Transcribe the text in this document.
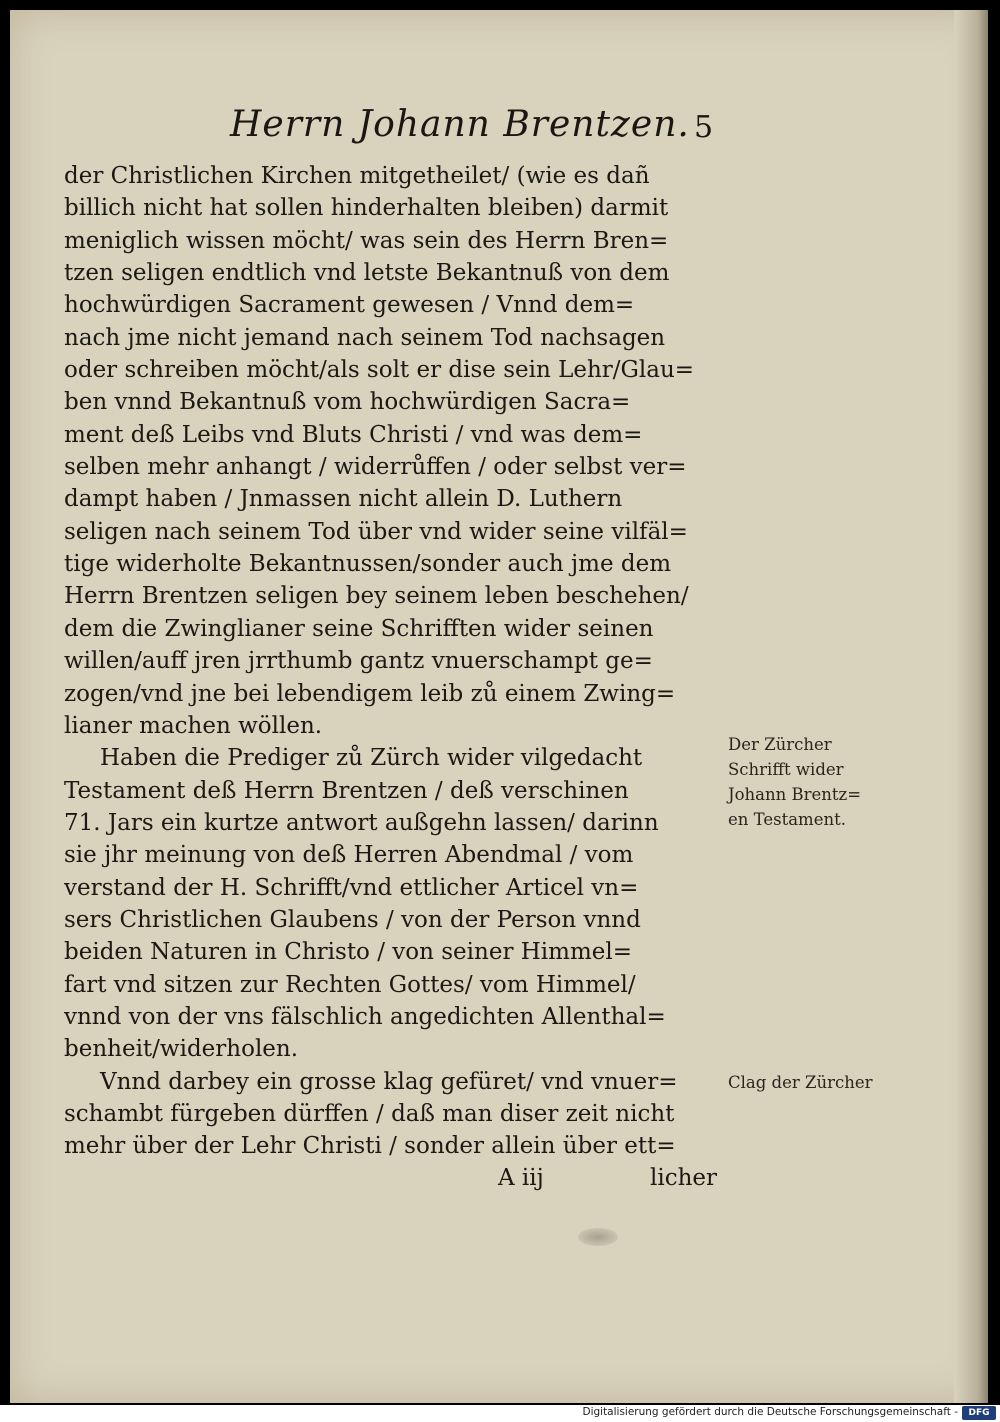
Herrn Johann Brentzen. 5
der Christlichen Kirchen mitgetheilet/ (wie es dañ
billich nicht hat sollen hinderhalten bleiben) darmit
meniglich wissen möcht/ was sein des Herrn Bren=
tzen seligen endtlich vnd letste Bekantnuß von dem
hochwürdigen Sacrament gewesen / Vnnd dem=
nach jme nicht jemand nach seinem Tod nachsagen
oder schreiben möcht/als solt er dise sein Lehr/Glau=
ben vnnd Bekantnuß vom hochwürdigen Sacra=
ment deß Leibs vnd Bluts Christi / vnd was dem=
selben mehr anhangt / widerrůffen / oder selbst ver=
dampt haben / Jnmassen nicht allein D. Luthern
seligen nach seinem Tod über vnd wider seine vilfäl=
tige widerholte Bekantnussen/sonder auch jme dem
Herrn Brentzen seligen bey seinem leben beschehen/
dem die Zwinglianer seine Schrifften wider seinen
willen/auff jren jrrthumb gantz vnuerschampt ge=
zogen/vnd jne bei lebendigem leib zů einem Zwing=
lianer machen wöllen.
Haben die Prediger zů Zürch wider vilgedacht
Testament deß Herrn Brentzen / deß verschinen
71. Jars ein kurtze antwort außgehn lassen/ darinn
sie jhr meinung von deß Herren Abendmal / vom
verstand der H. Schrifft/vnd ettlicher Articel vn=
sers Christlichen Glaubens / von der Person vnnd
beiden Naturen in Christo / von seiner Himmel=
fart vnd sitzen zur Rechten Gottes/ vom Himmel/
vnnd von der vns fälschlich angedichten Allenthal=
benheit/widerholen.
Vnnd darbey ein grosse klag gefüret/ vnd vnuer=
schambt fürgeben dürffen / daß man diser zeit nicht
mehr über der Lehr Christi / sonder allein über ett=
Der Zürcher
Schrifft wider
Johann Brentz=
en Testament.
Clag der Zürcher
A iij	licher
Digitalisierung gefördert durch die Deutsche Forschungsgemeinschaft -	DFG
